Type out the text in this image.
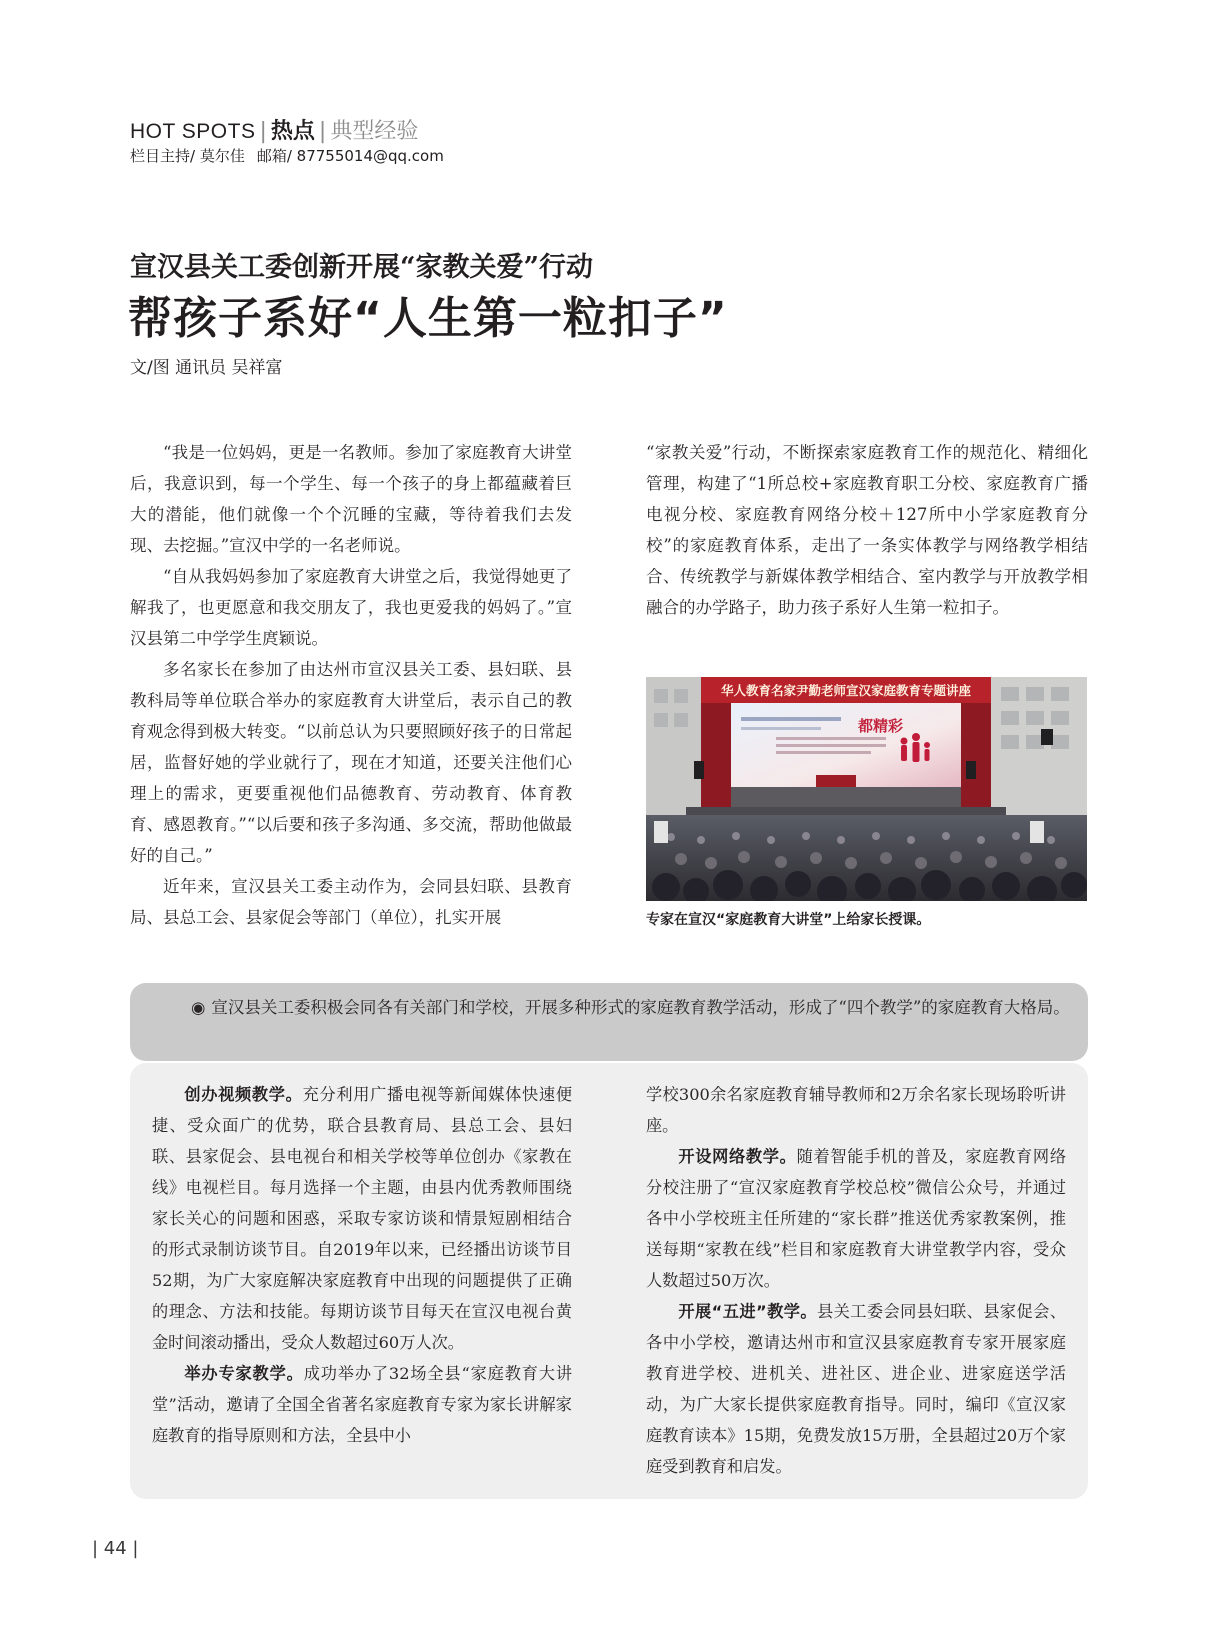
HOT SPOTS | 热点 | 典型经验
栏目主持/ 莫尔佳 邮箱/ 87755014@qq.com
宣汉县关工委创新开展“家教关爱”行动
帮孩子系好“人生第一粒扣子”
文/图 通讯员 吴祥富

“我是一位妈妈，更是一名教师。参加了家庭教育大讲堂后，我意识到，每一个学生、每一个孩子的身上都蕴藏着巨大的潜能，他们就像一个个沉睡的宝藏，等待着我们去发现、去挖掘。”宣汉中学的一名老师说。

“自从我妈妈参加了家庭教育大讲堂之后，我觉得她更了解我了，也更愿意和我交朋友了，我也更爱我的妈妈了。”宣汉县第二中学学生庹颖说。

多名家长在参加了由达州市宣汉县关工委、县妇联、县教科局等单位联合举办的家庭教育大讲堂后，表示自己的教育观念得到极大转变。“以前总认为只要照顾好孩子的日常起居，监督好她的学业就行了，现在才知道，还要关注他们心理上的需求，更要重视他们品德教育、劳动教育、体育教育、感恩教育。”“以后要和孩子多沟通、多交流，帮助他做最好的自己。”

近年来，宣汉县关工委主动作为，会同县妇联、县教育局、县总工会、县家促会等部门（单位），扎实开展

“家教关爱”行动，不断探索家庭教育工作的规范化、精细化管理，构建了“1所总校+家庭教育职工分校、家庭教育广播电视分校、家庭教育网络分校＋127所中小学家庭教育分校”的家庭教育体系，走出了一条实体教学与网络教学相结合、传统教学与新媒体教学相结合、室内教学与开放教学相融合的办学路子，助力孩子系好人生第一粒扣子。

华人教育名家尹勤老师宣汉家庭教育专题讲座
都精彩
专家在宣汉“家庭教育大讲堂”上给家长授课。
◉ 宣汉县关工委积极会同各有关部门和学校，开展多种形式的家庭教育教学活动，形成了“四个教学”的家庭教育大格局。

创办视频教学。充分利用广播电视等新闻媒体快速便捷、受众面广的优势，联合县教育局、县总工会、县妇联、县家促会、县电视台和相关学校等单位创办《家教在线》电视栏目。每月选择一个主题，由县内优秀教师围绕家长关心的问题和困惑，采取专家访谈和情景短剧相结合的形式录制访谈节目。自2019年以来，已经播出访谈节目52期，为广大家庭解决家庭教育中出现的问题提供了正确的理念、方法和技能。每期访谈节目每天在宣汉电视台黄金时间滚动播出，受众人数超过60万人次。

举办专家教学。成功举办了32场全县“家庭教育大讲堂”活动，邀请了全国全省著名家庭教育专家为家长讲解家庭教育的指导原则和方法，全县中小

学校300余名家庭教育辅导教师和2万余名家长现场聆听讲座。

开设网络教学。随着智能手机的普及，家庭教育网络分校注册了“宣汉家庭教育学校总校”微信公众号，并通过各中小学校班主任所建的“家长群”推送优秀家教案例，推送每期“家教在线”栏目和家庭教育大讲堂教学内容，受众人数超过50万次。

开展“五进”教学。县关工委会同县妇联、县家促会、各中小学校，邀请达州市和宣汉县家庭教育专家开展家庭教育进学校、进机关、进社区、进企业、进家庭送学活动，为广大家长提供家庭教育指导。同时，编印《宣汉家庭教育读本》15期，免费发放15万册，全县超过20万个家庭受到教育和启发。

| 44 |
